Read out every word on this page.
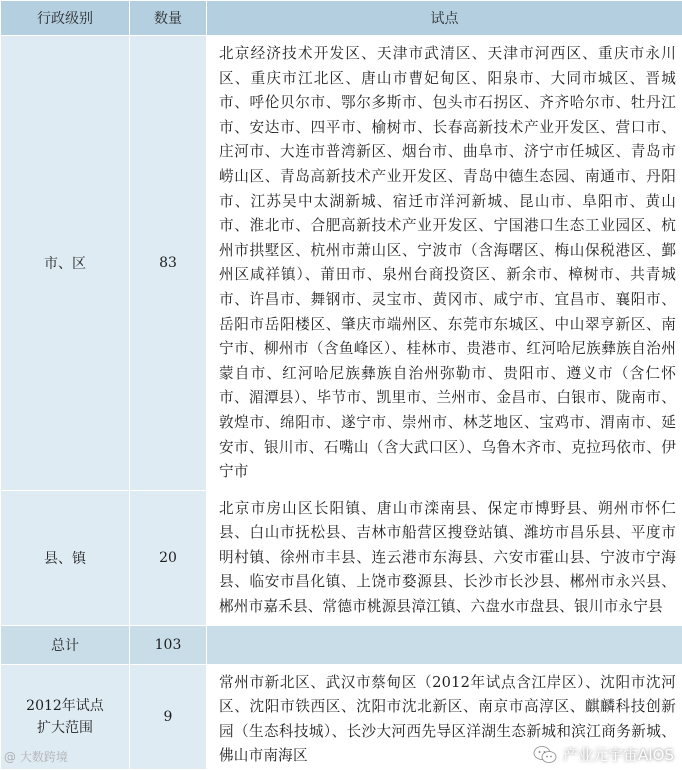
行政级别	数量	试点
市、区	83	北京经济技术开发区、天津市武清区、天津市河西区、重庆市永川区、重庆市江北区、唐山市曹妃甸区、阳泉市、大同市城区、晋城市、呼伦贝尔市、鄂尔多斯市、包头市石拐区、齐齐哈尔市、牡丹江市、安达市、四平市、榆树市、长春高新技术产业开发区、营口市、庄河市、大连市普湾新区、烟台市、曲阜市、济宁市任城区、青岛市崂山区、青岛高新技术产业开发区、青岛中德生态园、南通市、丹阳市、江苏吴中太湖新城、宿迁市洋河新城、昆山市、阜阳市、黄山市、淮北市、合肥高新技术产业开发区、宁国港口生态工业园区、杭州市拱墅区、杭州市萧山区、宁波市（含海曙区、梅山保税港区、鄞州区咸祥镇）、莆田市、泉州台商投资区、新余市、樟树市、共青城市、许昌市、舞钢市、灵宝市、黄冈市、咸宁市、宜昌市、襄阳市、岳阳市岳阳楼区、肇庆市端州区、东莞市东城区、中山翠亨新区、南宁市、柳州市（含鱼峰区）、桂林市、贵港市、红河哈尼族彝族自治州蒙自市、红河哈尼族彝族自治州弥勒市、贵阳市、遵义市（含仁怀市、湄潭县）、毕节市、凯里市、兰州市、金昌市、白银市、陇南市、敦煌市、绵阳市、遂宁市、崇州市、林芝地区、宝鸡市、渭南市、延安市、银川市、石嘴山（含大武口区）、乌鲁木齐市、克拉玛依市、伊宁市
县、镇	20	北京市房山区长阳镇、唐山市滦南县、保定市博野县、朔州市怀仁县、白山市抚松县、吉林市船营区搜登站镇、潍坊市昌乐县、平度市明村镇、徐州市丰县、连云港市东海县、六安市霍山县、宁波市宁海县、临安市昌化镇、上饶市婺源县、长沙市长沙县、郴州市永兴县、郴州市嘉禾县、常德市桃源县漳江镇、六盘水市盘县、银川市永宁县
总计	103	
2012年试点扩大范围	9	常州市新北区、武汉市蔡甸区（2012年试点含江岸区）、沈阳市沈河区、沈阳市铁西区、沈阳市沈北新区、南京市高淳区、麒麟科技创新园（生态科技城）、长沙大河西先导区洋湖生态新城和滨江商务新城、佛山市南海区
@ 大数跨境	产业元宇宙AIOS
